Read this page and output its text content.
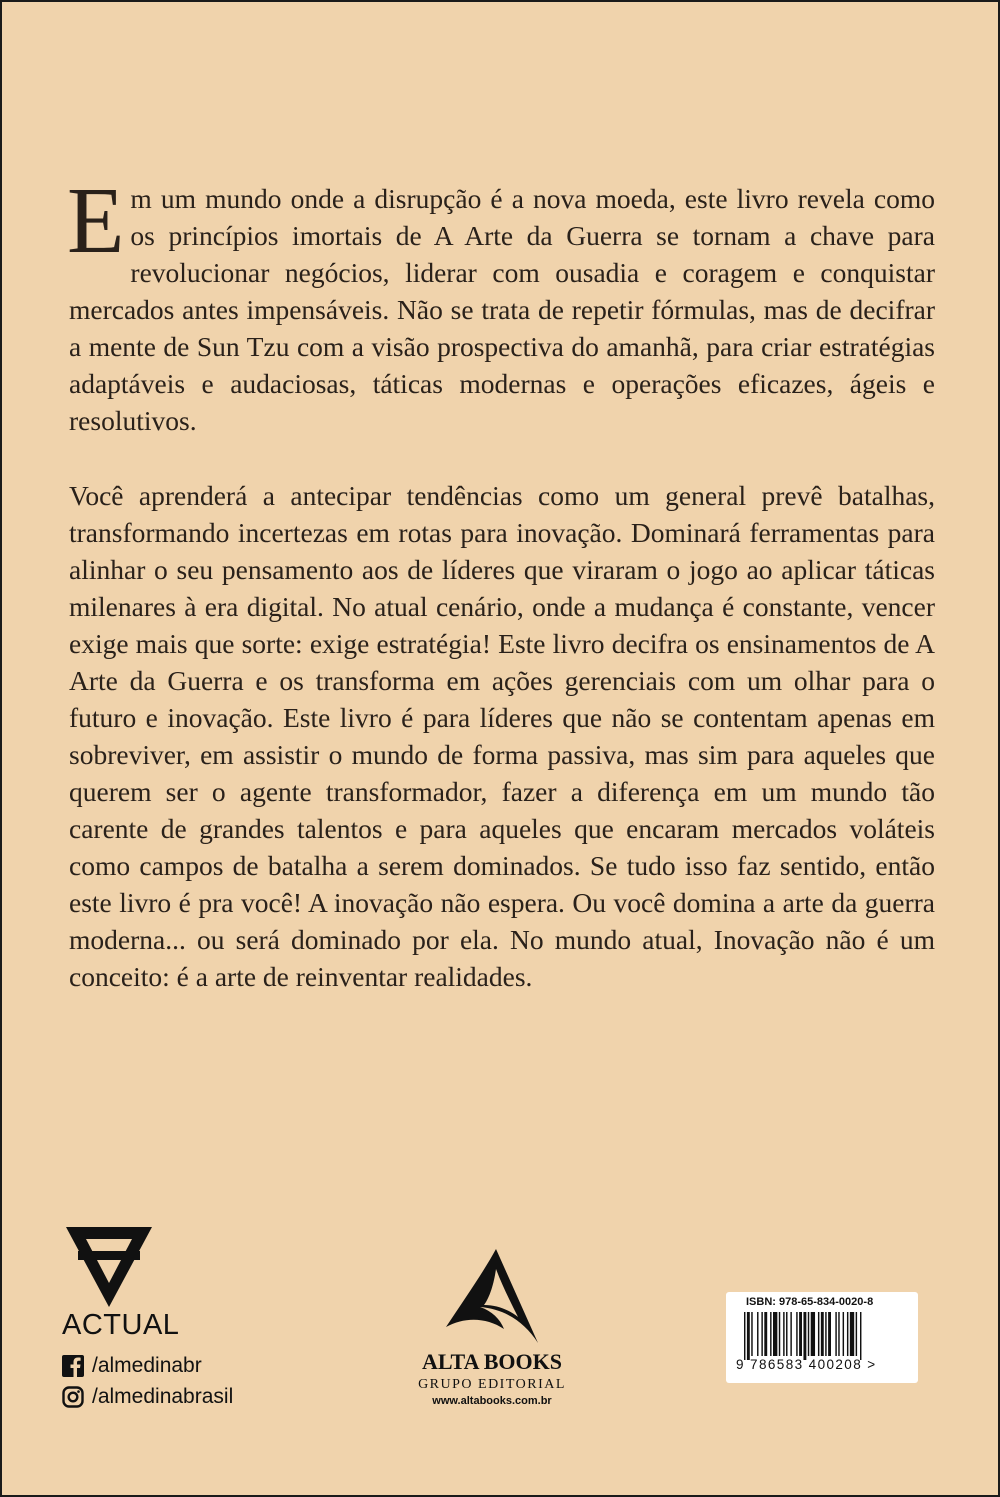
Em um mundo onde a disrupção é a nova moeda, este livro revela como os princípios imortais de A Arte da Guerra se tornam a chave para revolucionar negócios, liderar com ousadia e coragem e conquistar mercados antes impensáveis. Não se trata de repetir fórmulas, mas de decifrar a mente de Sun Tzu com a visão prospectiva do amanhã, para criar estratégias adaptáveis e audaciosas, táticas modernas e operações eficazes, ágeis e resolutivos.
Você aprenderá a antecipar tendências como um general prevê batalhas, transformando incertezas em rotas para inovação. Dominará ferramentas para alinhar o seu pensamento aos de líderes que viraram o jogo ao aplicar táticas milenares à era digital. No atual cenário, onde a mudança é constante, vencer exige mais que sorte: exige estratégia! Este livro decifra os ensinamentos de A Arte da Guerra e os transforma em ações gerenciais com um olhar para o futuro e inovação. Este livro é para líderes que não se contentam apenas em sobreviver, em assistir o mundo de forma passiva, mas sim para aqueles que querem ser o agente transformador, fazer a diferença em um mundo tão carente de grandes talentos e para aqueles que encaram mercados voláteis como campos de batalha a serem dominados. Se tudo isso faz sentido, então este livro é pra você! A inovação não espera. Ou você domina a arte da guerra moderna... ou será dominado por ela. No mundo atual, Inovação não é um conceito: é a arte de reinventar realidades.
ACTUAL
/almedinabr
/almedinabrasil
ALTA BOOKS
GRUPO EDITORIAL
www.altabooks.com.br
ISBN: 978-65-834-0020-8
9 786583 400208 >
